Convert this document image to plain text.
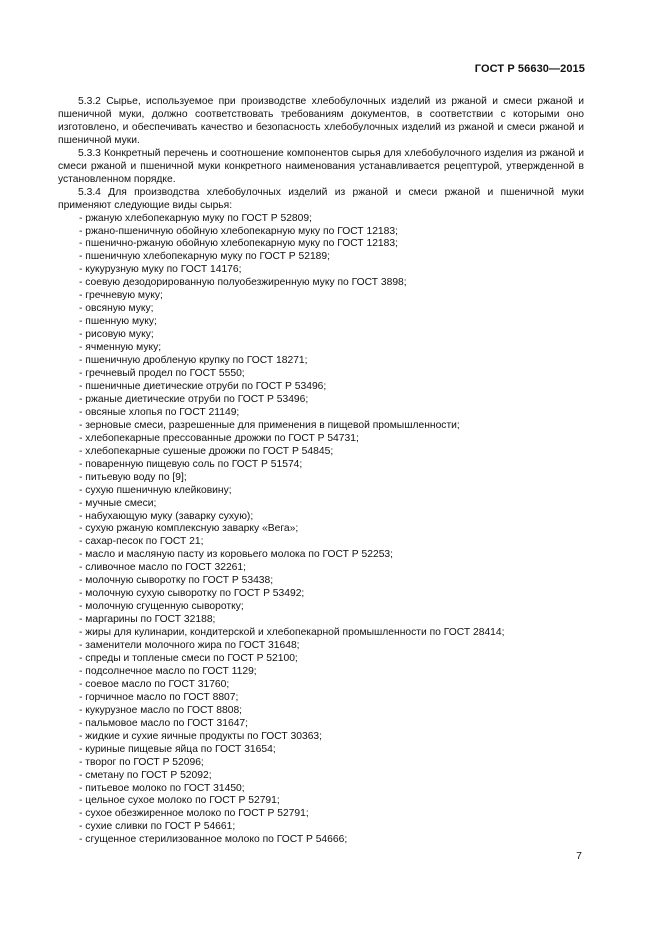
ГОСТ Р 56630—2015

5.3.2 Сырье, используемое при производстве хлебобулочных изделий из ржаной и смеси ржаной и пшеничной муки, должно соответствовать требованиям документов, в соответствии с которыми оно изготовлено, и обеспечивать качество и безопасность хлебобулочных изделий из ржаной и смеси ржаной и пшеничной муки.

5.3.3 Конкретный перечень и соотношение компонентов сырья для хлебобулочного изделия из ржаной и смеси ржаной и пшеничной муки конкретного наименования устанавливается рецептурой, утвержденной в установленном порядке.

5.3.4 Для производства хлебобулочных изделий из ржаной и смеси ржаной и пшеничной муки применяют следующие виды сырья:

- ржаную хлебопекарную муку по ГОСТ Р 52809;
- ржано-пшеничную обойную хлебопекарную муку по ГОСТ 12183;
- пшенично-ржаную обойную хлебопекарную муку по ГОСТ 12183;
- пшеничную хлебопекарную муку по ГОСТ Р 52189;
- кукурузную муку по ГОСТ 14176;
- соевую дезодорированную полуобезжиренную муку по ГОСТ 3898;
- гречневую муку;
- овсяную муку;
- пшенную муку;
- рисовую муку;
- ячменную муку;
- пшеничную дробленую крупку по ГОСТ 18271;
- гречневый продел по ГОСТ 5550;
- пшеничные диетические отруби по ГОСТ Р 53496;
- ржаные диетические отруби по ГОСТ Р 53496;
- овсяные хлопья по ГОСТ 21149;
- зерновые смеси, разрешенные для применения в пищевой промышленности;
- хлебопекарные прессованные дрожжи по ГОСТ Р 54731;
- хлебопекарные сушеные дрожжи по ГОСТ Р 54845;
- поваренную пищевую соль по ГОСТ Р 51574;
- питьевую воду по [9];
- сухую пшеничную клейковину;
- мучные смеси;
- набухающую муку (заварку сухую);
- сухую ржаную комплексную заварку «Вега»;
- сахар-песок по ГОСТ 21;
- масло и масляную пасту из коровьего молока по ГОСТ Р 52253;
- сливочное масло по ГОСТ 32261;
- молочную сыворотку по ГОСТ Р 53438;
- молочную сухую сыворотку по ГОСТ Р 53492;
- молочную сгущенную сыворотку;
- маргарины по ГОСТ 32188;
- жиры для кулинарии, кондитерской и хлебопекарной промышленности по ГОСТ 28414;
- заменители молочного жира по ГОСТ 31648;
- спреды и топленые смеси по ГОСТ Р 52100;
- подсолнечное масло по ГОСТ 1129;
- соевое масло по ГОСТ 31760;
- горчичное масло по ГОСТ 8807;
- кукурузное масло по ГОСТ 8808;
- пальмовое масло по ГОСТ 31647;
- жидкие и сухие яичные продукты по ГОСТ 30363;
- куриные пищевые яйца по ГОСТ 31654;
- творог по ГОСТ Р 52096;
- сметану по ГОСТ Р 52092;
- питьевое молоко по ГОСТ 31450;
- цельное сухое молоко по ГОСТ Р 52791;
- сухое обезжиренное молоко по ГОСТ Р 52791;
- сухие сливки по ГОСТ Р 54661;
- сгущенное стерилизованное молоко по ГОСТ Р 54666;
7
